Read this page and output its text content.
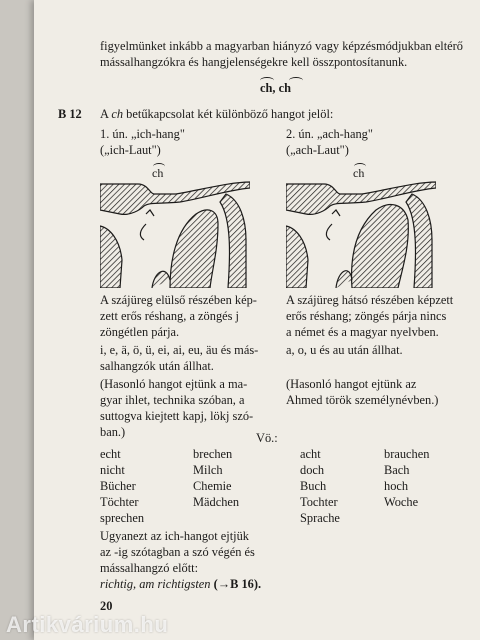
figyelmünket inkább a magyarban hiányzó vagy képzésmódjukban eltérő
mássalhangzókra és hangjelenségekre kell összpontosítanunk.
ch, ch
B 12 A ch betűkapcsolat két különböző hangot jelöl:
1. ún. „ich-hang"
(„ich-Laut")
2. ún. „ach-hang"
(„ach-Laut")
ch	ch
A szájüreg elülső részében kép-
zett erős réshang, a zöngés j
zöngétlen párja.
i, e, ä, ö, ü, ei, ai, eu, äu és más-
salhangzók után állhat.
(Hasonló hangot ejtünk a ma-
gyar ihlet, technika szóban, a
suttogva kiejtett kapj, lökj szó-
ban.)
A szájüreg hátsó részében képzett
erős réshang; zöngés párja nincs
a német és a magyar nyelvben.
a, o, u és au után állhat.
(Hasonló hangot ejtünk az
Ahmed török személynévben.)
Vö.:
echt
nicht
Bücher
Töchter
sprechen
brechen
Milch
Chemie
Mädchen
acht
doch
Buch
Tochter
Sprache
brauchen
Bach
hoch
Woche
Ugyanezt az ich-hangot ejtjük
az -ig szótagban a szó végén és
mássalhangzó előtt:
richtig, am richtigsten (→B 16).
20
Artikvárium.hu
